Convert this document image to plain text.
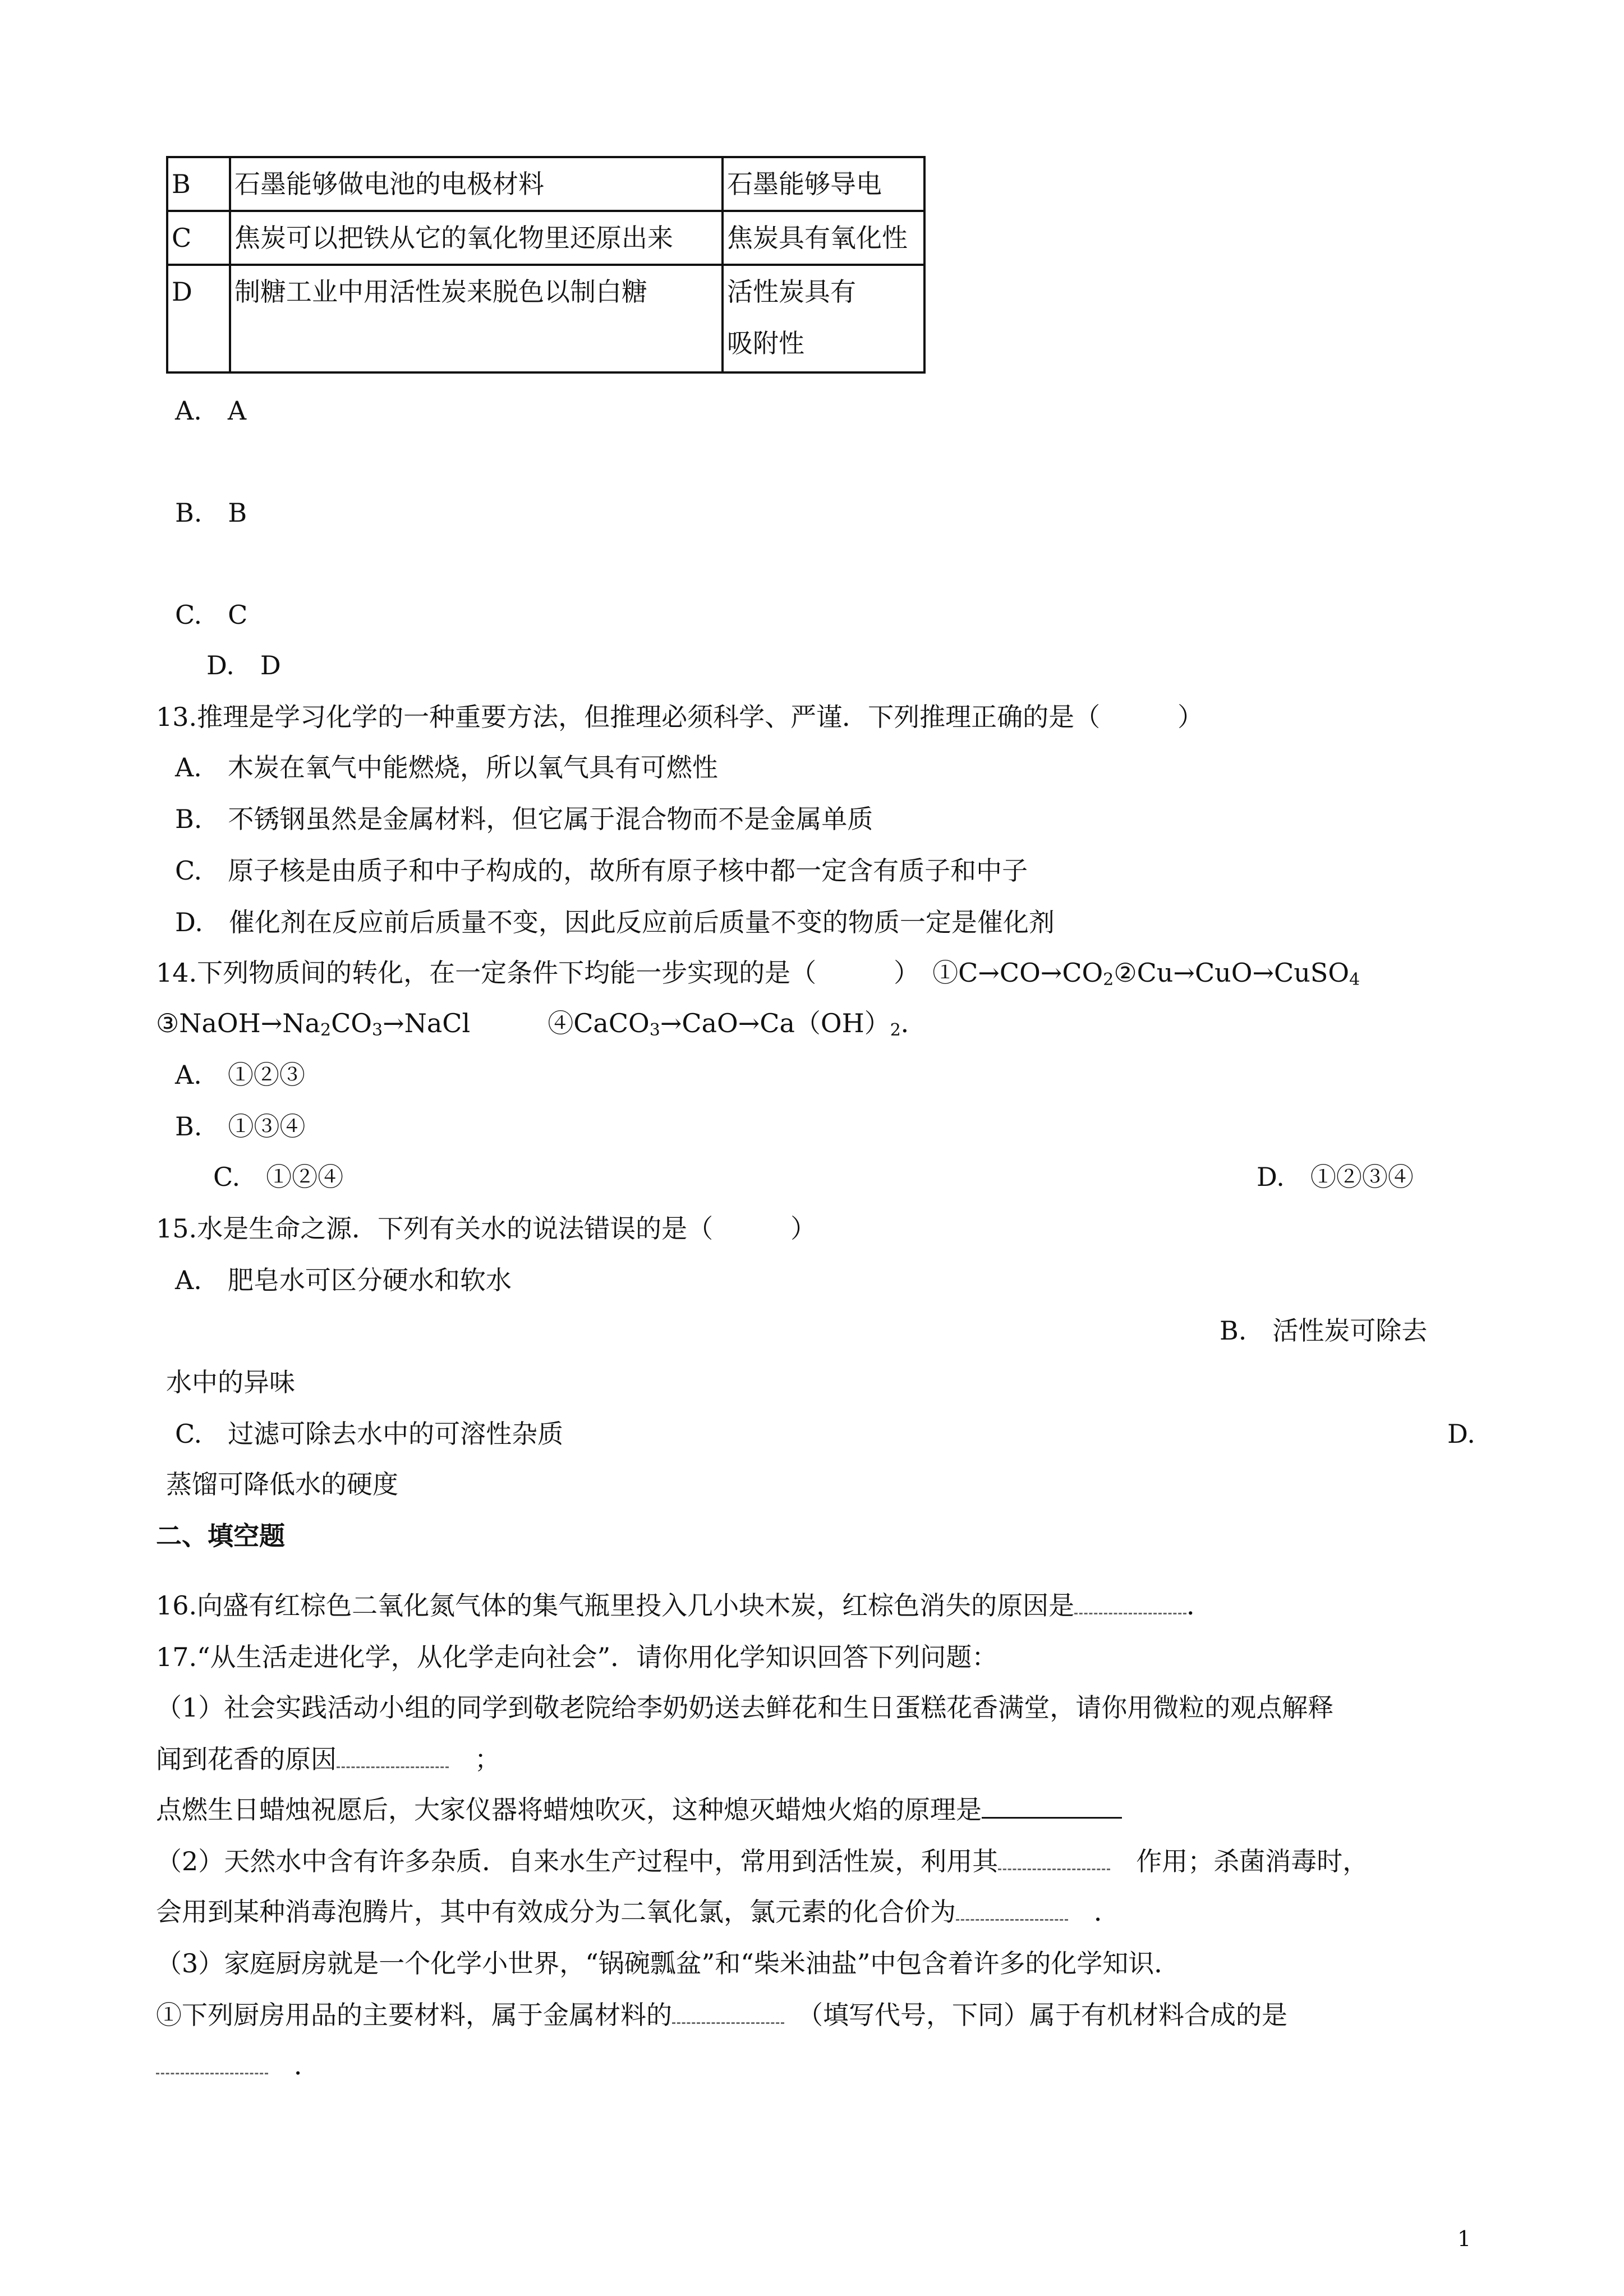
B	石墨能够做电池的电极材料	石墨能够导电
C	焦炭可以把铁从它的氧化物里还原出来	焦炭具有氧化性
D	制糖工业中用活性炭来脱色以制白糖	活性炭具有
吸附性
A.　A
B.　B
C.　C
D.　D
13.推理是学习化学的一种重要方法，但推理必须科学、严谨．下列推理正确的是（　　　）
A.　木炭在氧气中能燃烧，所以氧气具有可燃性
B.　不锈钢虽然是金属材料，但它属于混合物而不是金属单质
C.　原子核是由质子和中子构成的，故所有原子核中都一定含有质子和中子
D.　催化剂在反应前后质量不变，因此反应前后质量不变的物质一定是催化剂
14.下列物质间的转化，在一定条件下均能一步实现的是（　　　）　$①C\to CO\to CO_2②Cu\to CuO\to CuSO_4$
$③NaOH\to Na_2CO_3\to NaCl$　　　$④CaCO_3\to CaO\to Ca(OH)_2$．
A.　①②③
B.　①③④
C.　①②④	D.　①②③④
15.水是生命之源．下列有关水的说法错误的是（　　　）
A.　肥皂水可区分硬水和软水
B.　活性炭可除去
水中的异味
C.　过滤可除去水中的可溶性杂质	D.
蒸馏可降低水的硬度
二、填空题
16.向盛有红棕色二氧化氮气体的集气瓶里投入几小块木炭，红棕色消失的原因是	．
17.“从生活走进化学，从化学走向社会”．请你用化学知识回答下列问题：
（1）社会实践活动小组的同学到敬老院给李奶奶送去鲜花和生日蛋糕花香满堂，请你用微粒的观点解释
闻到花香的原因	　；
点燃生日蜡烛祝愿后，大家仪器将蜡烛吹灭，这种熄灭蜡烛火焰的原理是
（2）天然水中含有许多杂质．自来水生产过程中，常用到活性炭，利用其	　作用；杀菌消毒时，
会用到某种消毒泡腾片，其中有效成分为二氧化氯，氯元素的化合价为	　．
（3）家庭厨房就是一个化学小世界，“锅碗瓢盆”和“柴米油盐”中包含着许多的化学知识．
①下列厨房用品的主要材料，属于金属材料的	　（填写代号，下同）属于有机材料合成的是
　．
1
